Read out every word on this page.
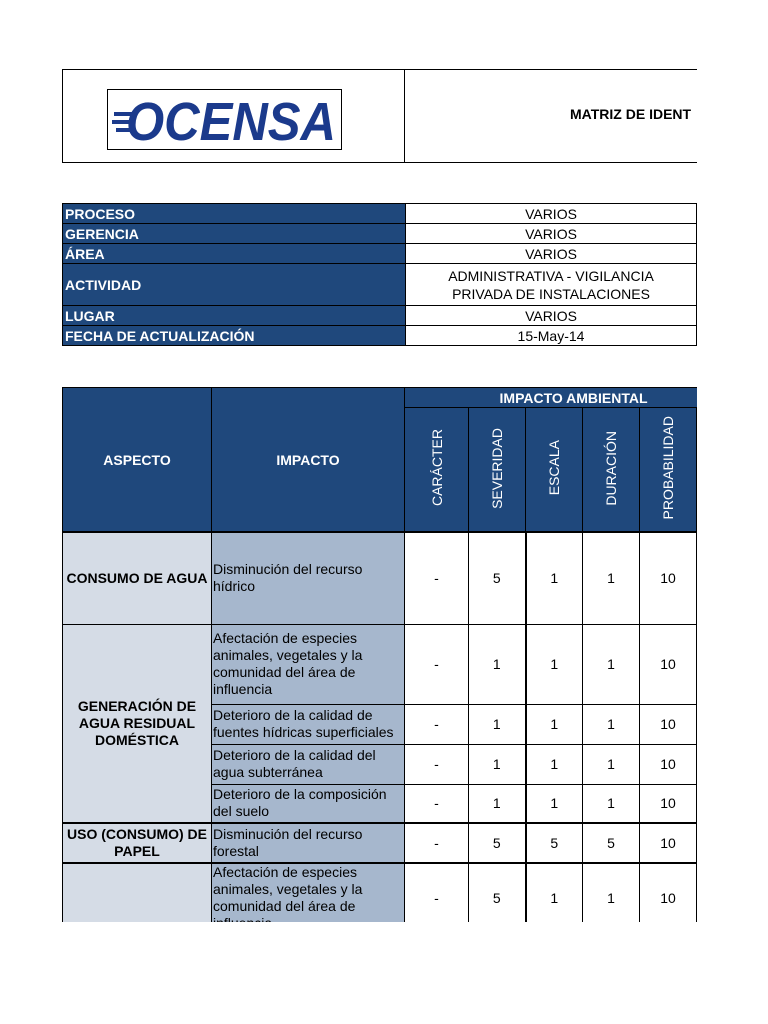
OCENSA	MATRIZ DE IDENT
PROCESO	VARIOS
GERENCIA	VARIOS
ÁREA	VARIOS
ACTIVIDAD	ADMINISTRATIVA - VIGILANCIA
PRIVADA DE INSTALACIONES
LUGAR	VARIOS
FECHA DE ACTUALIZACIÓN	15-May-14
ASPECTO	IMPACTO	IMPACTO AMBIENTAL					
		CARÁCTER	SEVERIDAD	ESCALA	DURACIÓN	PROBABILIDAD	
CONSUMO DE AGUA	Disminución del recurso hídrico	-	5	1	1	10	
GENERACIÓN DE AGUA RESIDUAL DOMÉSTICA	Afectación de especies animales, vegetales y la comunidad del área de influencia	-	1	1	1	10	
	Deterioro de la calidad de fuentes hídricas superficiales	-	1	1	1	10	
	Deterioro de la calidad del agua subterránea	-	1	1	1	10	
	Deterioro de la composición del suelo	-	1	1	1	10	
USO (CONSUMO) DE PAPEL	Disminución del recurso forestal	-	5	5	5	10	
	Afectación de especies animales, vegetales y la comunidad del área de	-	5	1	1	10	
